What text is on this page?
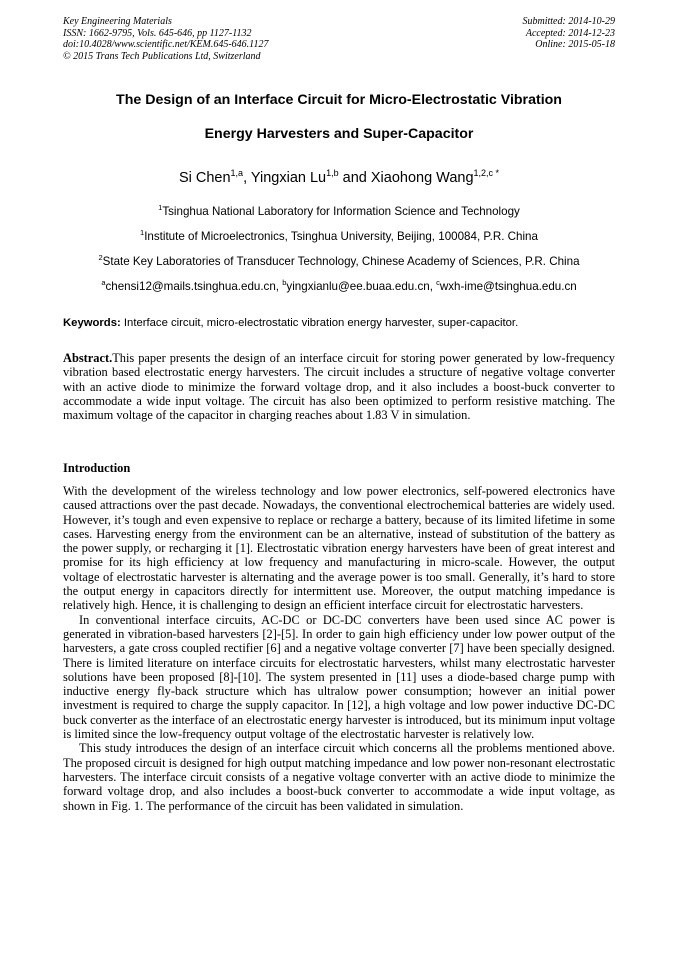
Key Engineering Materials
ISSN: 1662-9795, Vols. 645-646, pp 1127-1132
doi:10.4028/www.scientific.net/KEM.645-646.1127
© 2015 Trans Tech Publications Ltd, Switzerland
Submitted: 2014-10-29
Accepted: 2014-12-23
Online: 2015-05-18
The Design of an Interface Circuit for Micro-Electrostatic Vibration
Energy Harvesters and Super-Capacitor
Si Chen$^{1,a}$, Yingxian Lu$^{1,b}$ and Xiaohong Wang$^{1,2,c *}$
$^1$Tsinghua National Laboratory for Information Science and Technology
$^1$Institute of Microelectronics, Tsinghua University, Beijing, 100084, P.R. China
$^2$State Key Laboratories of Transducer Technology, Chinese Academy of Sciences, P.R. China
$^a$chensi12@mails.tsinghua.edu.cn, $^b$yingxianlu@ee.buaa.edu.cn, $^c$wxh-ime@tsinghua.edu.cn
Keywords: Interface circuit, micro-electrostatic vibration energy harvester, super-capacitor.
Abstract.This paper presents the design of an interface circuit for storing power generated by low-frequency vibration based electrostatic energy harvesters. The circuit includes a structure of negative voltage converter with an active diode to minimize the forward voltage drop, and it also includes a boost-buck converter to accommodate a wide input voltage. The circuit has also been optimized to perform resistive matching. The maximum voltage of the capacitor in charging reaches about 1.83 V in simulation.
Introduction

With the development of the wireless technology and low power electronics, self-powered electronics have caused attractions over the past decade. Nowadays, the conventional electrochemical batteries are widely used. However, it’s tough and even expensive to replace or recharge a battery, because of its limited lifetime in some cases. Harvesting energy from the environment can be an alternative, instead of substitution of the battery as the power supply, or recharging it [1]. Electrostatic vibration energy harvesters have been of great interest and promise for its high efficiency at low frequency and manufacturing in micro-scale. However, the output voltage of electrostatic harvester is alternating and the average power is too small. Generally, it’s hard to store the output energy in capacitors directly for intermittent use. Moreover, the output matching impedance is relatively high. Hence, it is challenging to design an efficient interface circuit for electrostatic harvesters.

In conventional interface circuits, AC-DC or DC-DC converters have been used since AC power is generated in vibration-based harvesters [2]-[5]. In order to gain high efficiency under low power output of the harvesters, a gate cross coupled rectifier [6] and a negative voltage converter [7] have been specially designed. There is limited literature on interface circuits for electrostatic harvesters, whilst many electrostatic harvester solutions have been proposed [8]-[10]. The system presented in [11] uses a diode-based charge pump with inductive energy fly-back structure which has ultralow power consumption; however an initial power investment is required to charge the supply capacitor. In [12], a high voltage and low power inductive DC-DC buck converter as the interface of an electrostatic energy harvester is introduced, but its minimum input voltage is limited since the low-frequency output voltage of the electrostatic harvester is relatively low.

This study introduces the design of an interface circuit which concerns all the problems mentioned above. The proposed circuit is designed for high output matching impedance and low power non-resonant electrostatic harvesters. The interface circuit consists of a negative voltage converter with an active diode to minimize the forward voltage drop, and also includes a boost-buck converter to accommodate a wide input voltage, as shown in Fig. 1. The performance of the circuit has been validated in simulation.
